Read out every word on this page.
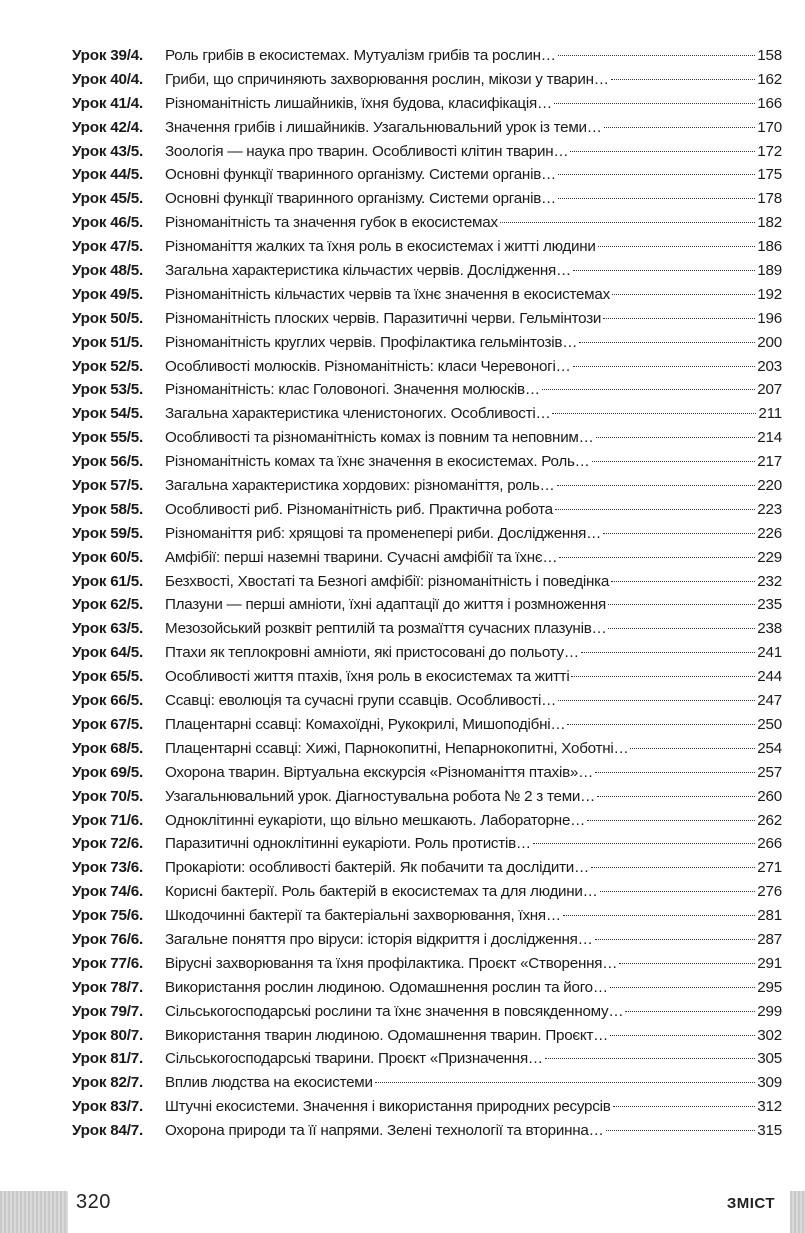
Урок 39/4.	Роль грибів в екосистемах. Мутуалізм грибів та рослин…	158
Урок 40/4.	Гриби, що спричиняють захворювання рослин, мікози у тварин…	162
Урок 41/4.	Різноманітність лишайників, їхня будова, класифікація…	166
Урок 42/4.	Значення грибів і лишайників. Узагальнювальний урок із теми…	170
Урок 43/5.	Зоологія — наука про тварин. Особливості клітин тварин…	172
Урок 44/5.	Основні функції тваринного організму. Системи органів…	175
Урок 45/5.	Основні функції тваринного організму. Системи органів…	178
Урок 46/5.	Різноманітність та значення губок в екосистемах	182
Урок 47/5.	Різноманіття жалких та їхня роль в екосистемах і житті людини	186
Урок 48/5.	Загальна характеристика кільчастих червів. Дослідження…	189
Урок 49/5.	Різноманітність кільчастих червів та їхнє значення в екосистемах	192
Урок 50/5.	Різноманітність плоских червів. Паразитичні черви. Гельмінтози	196
Урок 51/5.	Різноманітність круглих червів. Профілактика гельмінтозів…	200
Урок 52/5.	Особливості молюсків. Різноманітність: класи Черевоногі…	203
Урок 53/5.	Різноманітність: клас Головоногі. Значення молюсків…	207
Урок 54/5.	Загальна характеристика членистоногих. Особливості…	211
Урок 55/5.	Особливості та різноманітність комах із повним та неповним…	214
Урок 56/5.	Різноманітність комах та їхнє значення в екосистемах. Роль…	217
Урок 57/5.	Загальна характеристика хордових: різноманіття, роль…	220
Урок 58/5.	Особливості риб. Різноманітність риб. Практична робота	223
Урок 59/5.	Різноманіття риб: хрящові та променепері риби. Дослідження…	226
Урок 60/5.	Амфібії: перші наземні тварини. Сучасні амфібії та їхнє…	229
Урок 61/5.	Безхвості, Хвостаті та Безногі амфібії: різноманітність і поведінка	232
Урок 62/5.	Плазуни — перші амніоти, їхні адаптації до життя і розмноження	235
Урок 63/5.	Мезозойський розквіт рептилій та розмаїття сучасних плазунів…	238
Урок 64/5.	Птахи як теплокровні амніоти, які пристосовані до польоту…	241
Урок 65/5.	Особливості життя птахів, їхня роль в екосистемах та житті	244
Урок 66/5.	Ссавці: еволюція та сучасні групи ссавців. Особливості…	247
Урок 67/5.	Плацентарні ссавці: Комахоїдні, Рукокрилі, Мишоподібні…	250
Урок 68/5.	Плацентарні ссавці: Хижі, Парнокопитні, Непарнокопитні, Хоботні…	254
Урок 69/5.	Охорона тварин. Віртуальна екскурсія «Різноманіття птахів»…	257
Урок 70/5.	Узагальнювальний урок. Діагностувальна робота № 2 з теми…	260
Урок 71/6.	Одноклітинні еукаріоти, що вільно мешкають. Лабораторне…	262
Урок 72/6.	Паразитичні одноклітинні еукаріоти. Роль протистів…	266
Урок 73/6.	Прокаріоти: особливості бактерій. Як побачити та дослідити…	271
Урок 74/6.	Корисні бактерії. Роль бактерій в екосистемах та для людини…	276
Урок 75/6.	Шкодочинні бактерії та бактеріальні захворювання, їхня…	281
Урок 76/6.	Загальне поняття про віруси: історія відкриття і дослідження…	287
Урок 77/6.	Вірусні захворювання та їхня профілактика. Проєкт «Створення…	291
Урок 78/7.	Використання рослин людиною. Одомашнення рослин та його…	295
Урок 79/7.	Сільськогосподарські рослини та їхнє значення в повсякденному…	299
Урок 80/7.	Використання тварин людиною. Одомашнення тварин. Проєкт…	302
Урок 81/7.	Сільськогосподарські тварини. Проєкт «Призначення…	305
Урок 82/7.	Вплив людства на екосистеми	309
Урок 83/7.	Штучні екосистеми. Значення і використання природних ресурсів	312
Урок 84/7.	Охорона природи та її напрями. Зелені технології та вторинна…	315
320	ЗМІСТ
